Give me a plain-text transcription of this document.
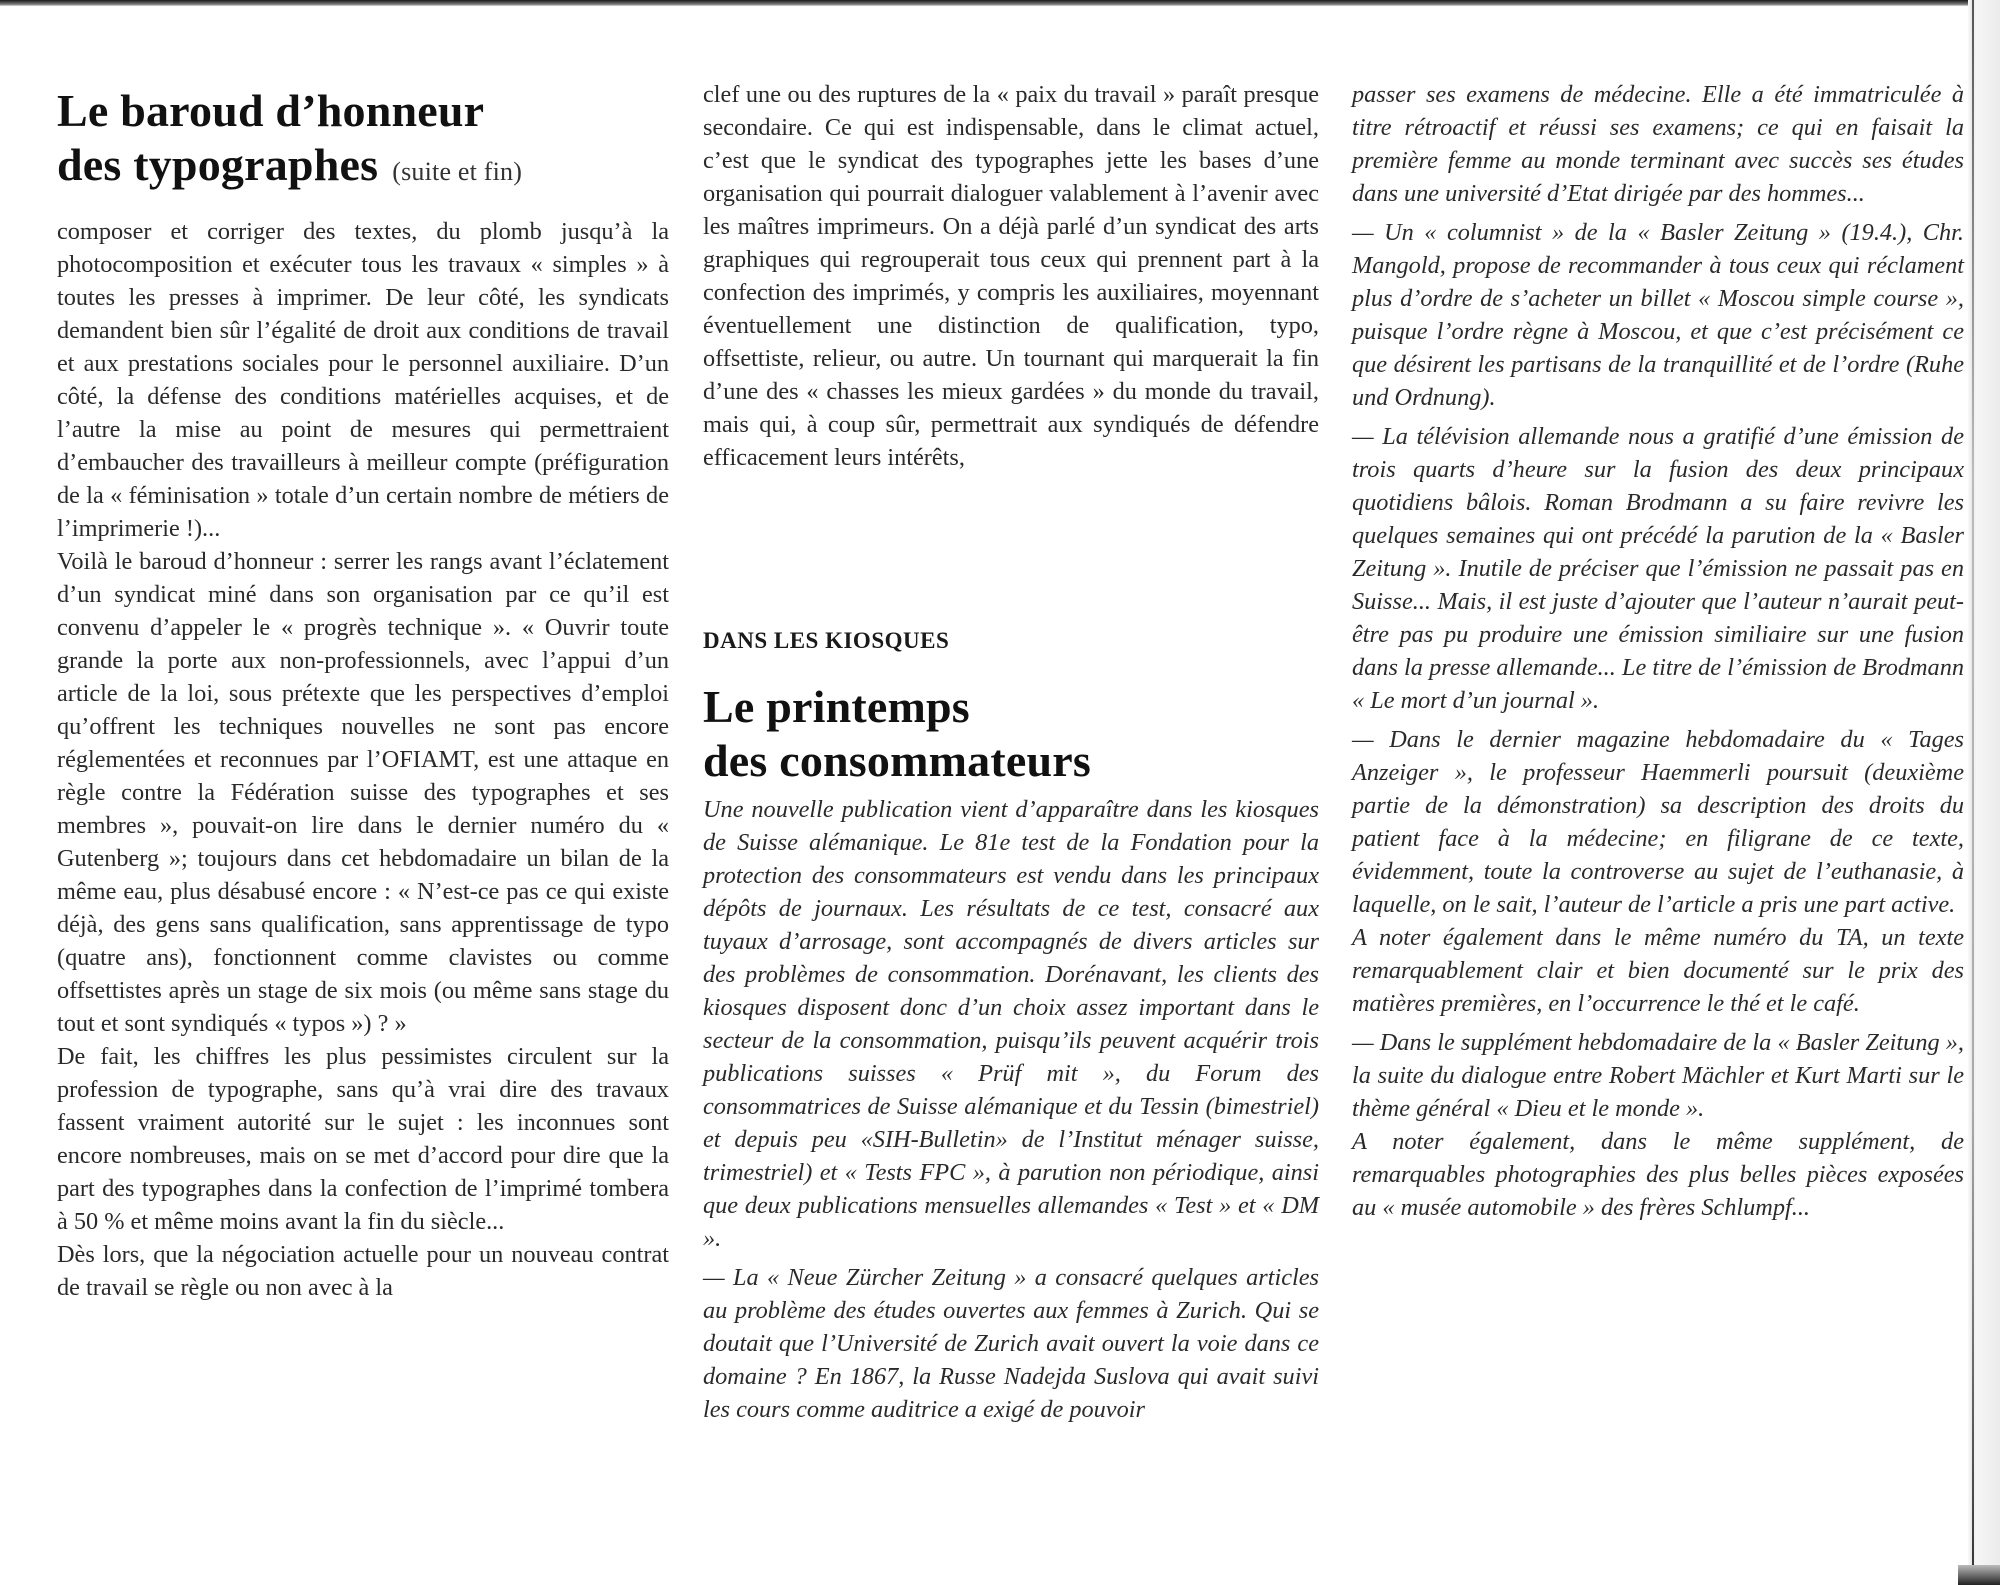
Le baroud d’honneur
des typographes (suite et fin)

composer et corriger des textes, du plomb jusqu’à la photocomposition et exécuter tous les travaux « simples » à toutes les presses à imprimer. De leur côté, les syndicats demandent bien sûr l’égalité de droit aux conditions de travail et aux prestations sociales pour le personnel auxiliaire. D’un côté, la défense des conditions matérielles acquises, et de l’autre la mise au point de mesures qui permettraient d’embaucher des travailleurs à meilleur compte (préfiguration de la « féminisation » totale d’un certain nombre de métiers de l’imprimerie !)...

Voilà le baroud d’honneur : serrer les rangs avant l’éclatement d’un syndicat miné dans son organisation par ce qu’il est convenu d’appeler le « progrès technique ». « Ouvrir toute grande la porte aux non-professionnels, avec l’appui d’un article de la loi, sous prétexte que les perspectives d’emploi qu’offrent les techniques nouvelles ne sont pas encore réglementées et reconnues par l’OFIAMT, est une attaque en règle contre la Fédération suisse des typographes et ses membres », pouvait-on lire dans le dernier numéro du « Gutenberg »; toujours dans cet hebdomadaire un bilan de la même eau, plus désabusé encore : « N’est-ce pas ce qui existe déjà, des gens sans qualification, sans apprentissage de typo (quatre ans), fonctionnent comme clavistes ou comme offsettistes après un stage de six mois (ou même sans stage du tout et sont syndiqués « typos ») ? »

De fait, les chiffres les plus pessimistes circulent sur la profession de typographe, sans qu’à vrai dire des travaux fassent vraiment autorité sur le sujet : les inconnues sont encore nombreuses, mais on se met d’accord pour dire que la part des typographes dans la confection de l’imprimé tombera à 50 % et même moins avant la fin du siècle...

Dès lors, que la négociation actuelle pour un nouveau contrat de travail se règle ou non avec à la

clef une ou des ruptures de la « paix du travail » paraît presque secondaire. Ce qui est indispensable, dans le climat actuel, c’est que le syndicat des typographes jette les bases d’une organisation qui pourrait dialoguer valablement à l’avenir avec les maîtres imprimeurs. On a déjà parlé d’un syndicat des arts graphiques qui regrouperait tous ceux qui prennent part à la confection des imprimés, y compris les auxiliaires, moyennant éventuellement une distinction de qualification, typo, offsettiste, relieur, ou autre. Un tournant qui marquerait la fin d’une des « chasses les mieux gardées » du monde du travail, mais qui, à coup sûr, permettrait aux syndiqués de défendre efficacement leurs intérêts,

DANS LES KIOSQUES
Le printemps
des consommateurs

Une nouvelle publication vient d’apparaître dans les kiosques de Suisse alémanique. Le 81e test de la Fondation pour la protection des consommateurs est vendu dans les principaux dépôts de journaux. Les résultats de ce test, consacré aux tuyaux d’arrosage, sont accompagnés de divers articles sur des problèmes de consommation. Dorénavant, les clients des kiosques disposent donc d’un choix assez important dans le secteur de la consommation, puisqu’ils peuvent acquérir trois publications suisses « Prüf mit », du Forum des consommatrices de Suisse alémanique et du Tessin (bimestriel) et depuis peu «SIH-Bulletin» de l’Institut ménager suisse, trimestriel) et « Tests FPC », à parution non périodique, ainsi que deux publications mensuelles allemandes « Test » et « DM ».

— La « Neue Zürcher Zeitung » a consacré quelques articles au problème des études ouvertes aux femmes à Zurich. Qui se doutait que l’Université de Zurich avait ouvert la voie dans ce domaine ? En 1867, la Russe Nadejda Suslova qui avait suivi les cours comme auditrice a exigé de pouvoir

passer ses examens de médecine. Elle a été immatriculée à titre rétroactif et réussi ses examens; ce qui en faisait la première femme au monde terminant avec succès ses études dans une université d’Etat dirigée par des hommes...

— Un « columnist » de la « Basler Zeitung » (19.4.), Chr. Mangold, propose de recommander à tous ceux qui réclament plus d’ordre de s’acheter un billet « Moscou simple course », puisque l’ordre règne à Moscou, et que c’est précisément ce que désirent les partisans de la tranquillité et de l’ordre (Ruhe und Ordnung).

— La télévision allemande nous a gratifié d’une émission de trois quarts d’heure sur la fusion des deux principaux quotidiens bâlois. Roman Brodmann a su faire revivre les quelques semaines qui ont précédé la parution de la « Basler Zeitung ». Inutile de préciser que l’émission ne passait pas en Suisse... Mais, il est juste d’ajouter que l’auteur n’aurait peut-être pas pu produire une émission similiaire sur une fusion dans la presse allemande... Le titre de l’émission de Brodmann « Le mort d’un journal ».

— Dans le dernier magazine hebdomadaire du « Tages Anzeiger », le professeur Haemmerli poursuit (deuxième partie de la démonstration) sa description des droits du patient face à la médecine; en filigrane de ce texte, évidemment, toute la controverse au sujet de l’euthanasie, à laquelle, on le sait, l’auteur de l’article a pris une part active.

A noter également dans le même numéro du TA, un texte remarquablement clair et bien documenté sur le prix des matières premières, en l’occurrence le thé et le café.

— Dans le supplément hebdomadaire de la « Basler Zeitung », la suite du dialogue entre Robert Mächler et Kurt Marti sur le thème général « Dieu et le monde ».

A noter également, dans le même supplément, de remarquables photographies des plus belles pièces exposées au « musée automobile » des frères Schlumpf...
